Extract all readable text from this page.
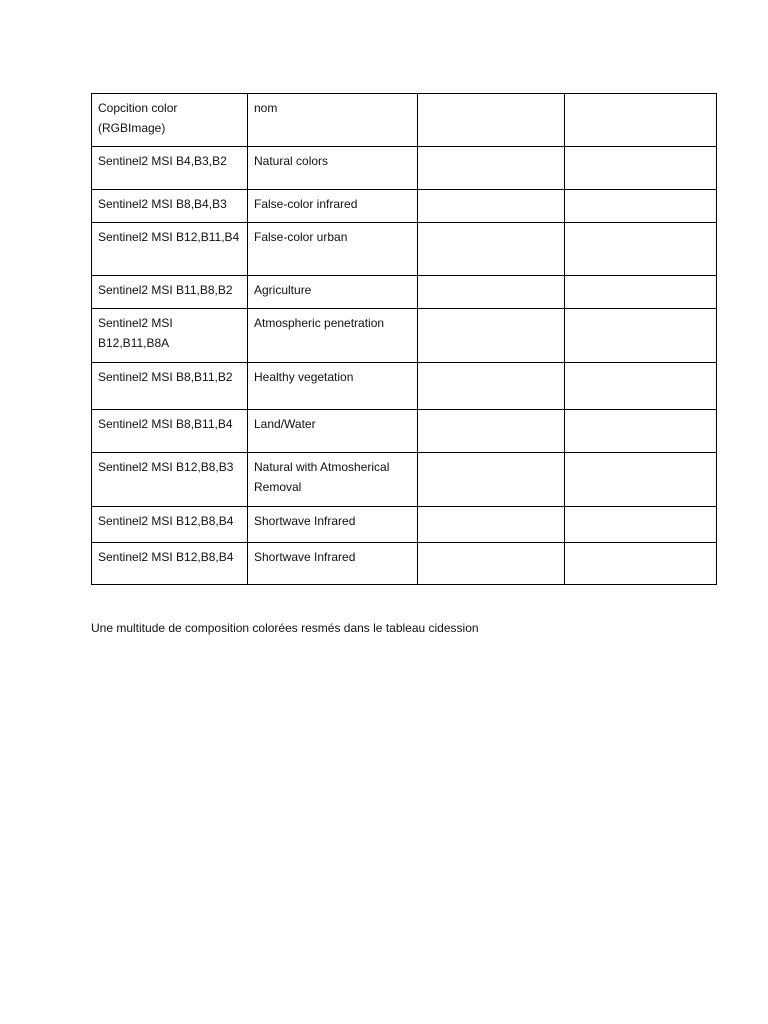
Copcition color (RGBImage)	nom		
Sentinel2 MSI B4,B3,B2	Natural colors		
Sentinel2 MSI B8,B4,B3	False-color infrared		
Sentinel2 MSI B12,B11,B4	False-color urban		
Sentinel2 MSI B11,B8,B2	Agriculture		
Sentinel2 MSI B12,B11,B8A	Atmospheric penetration		
Sentinel2 MSI B8,B11,B2	Healthy vegetation		
Sentinel2 MSI B8,B11,B4	Land/Water		
Sentinel2 MSI B12,B8,B3	Natural with Atmosherical Removal		
Sentinel2 MSI B12,B8,B4	Shortwave Infrared		
Sentinel2 MSI B12,B8,B4	Shortwave Infrared		

Une multitude de composition colorées resmés dans le tableau cidession
